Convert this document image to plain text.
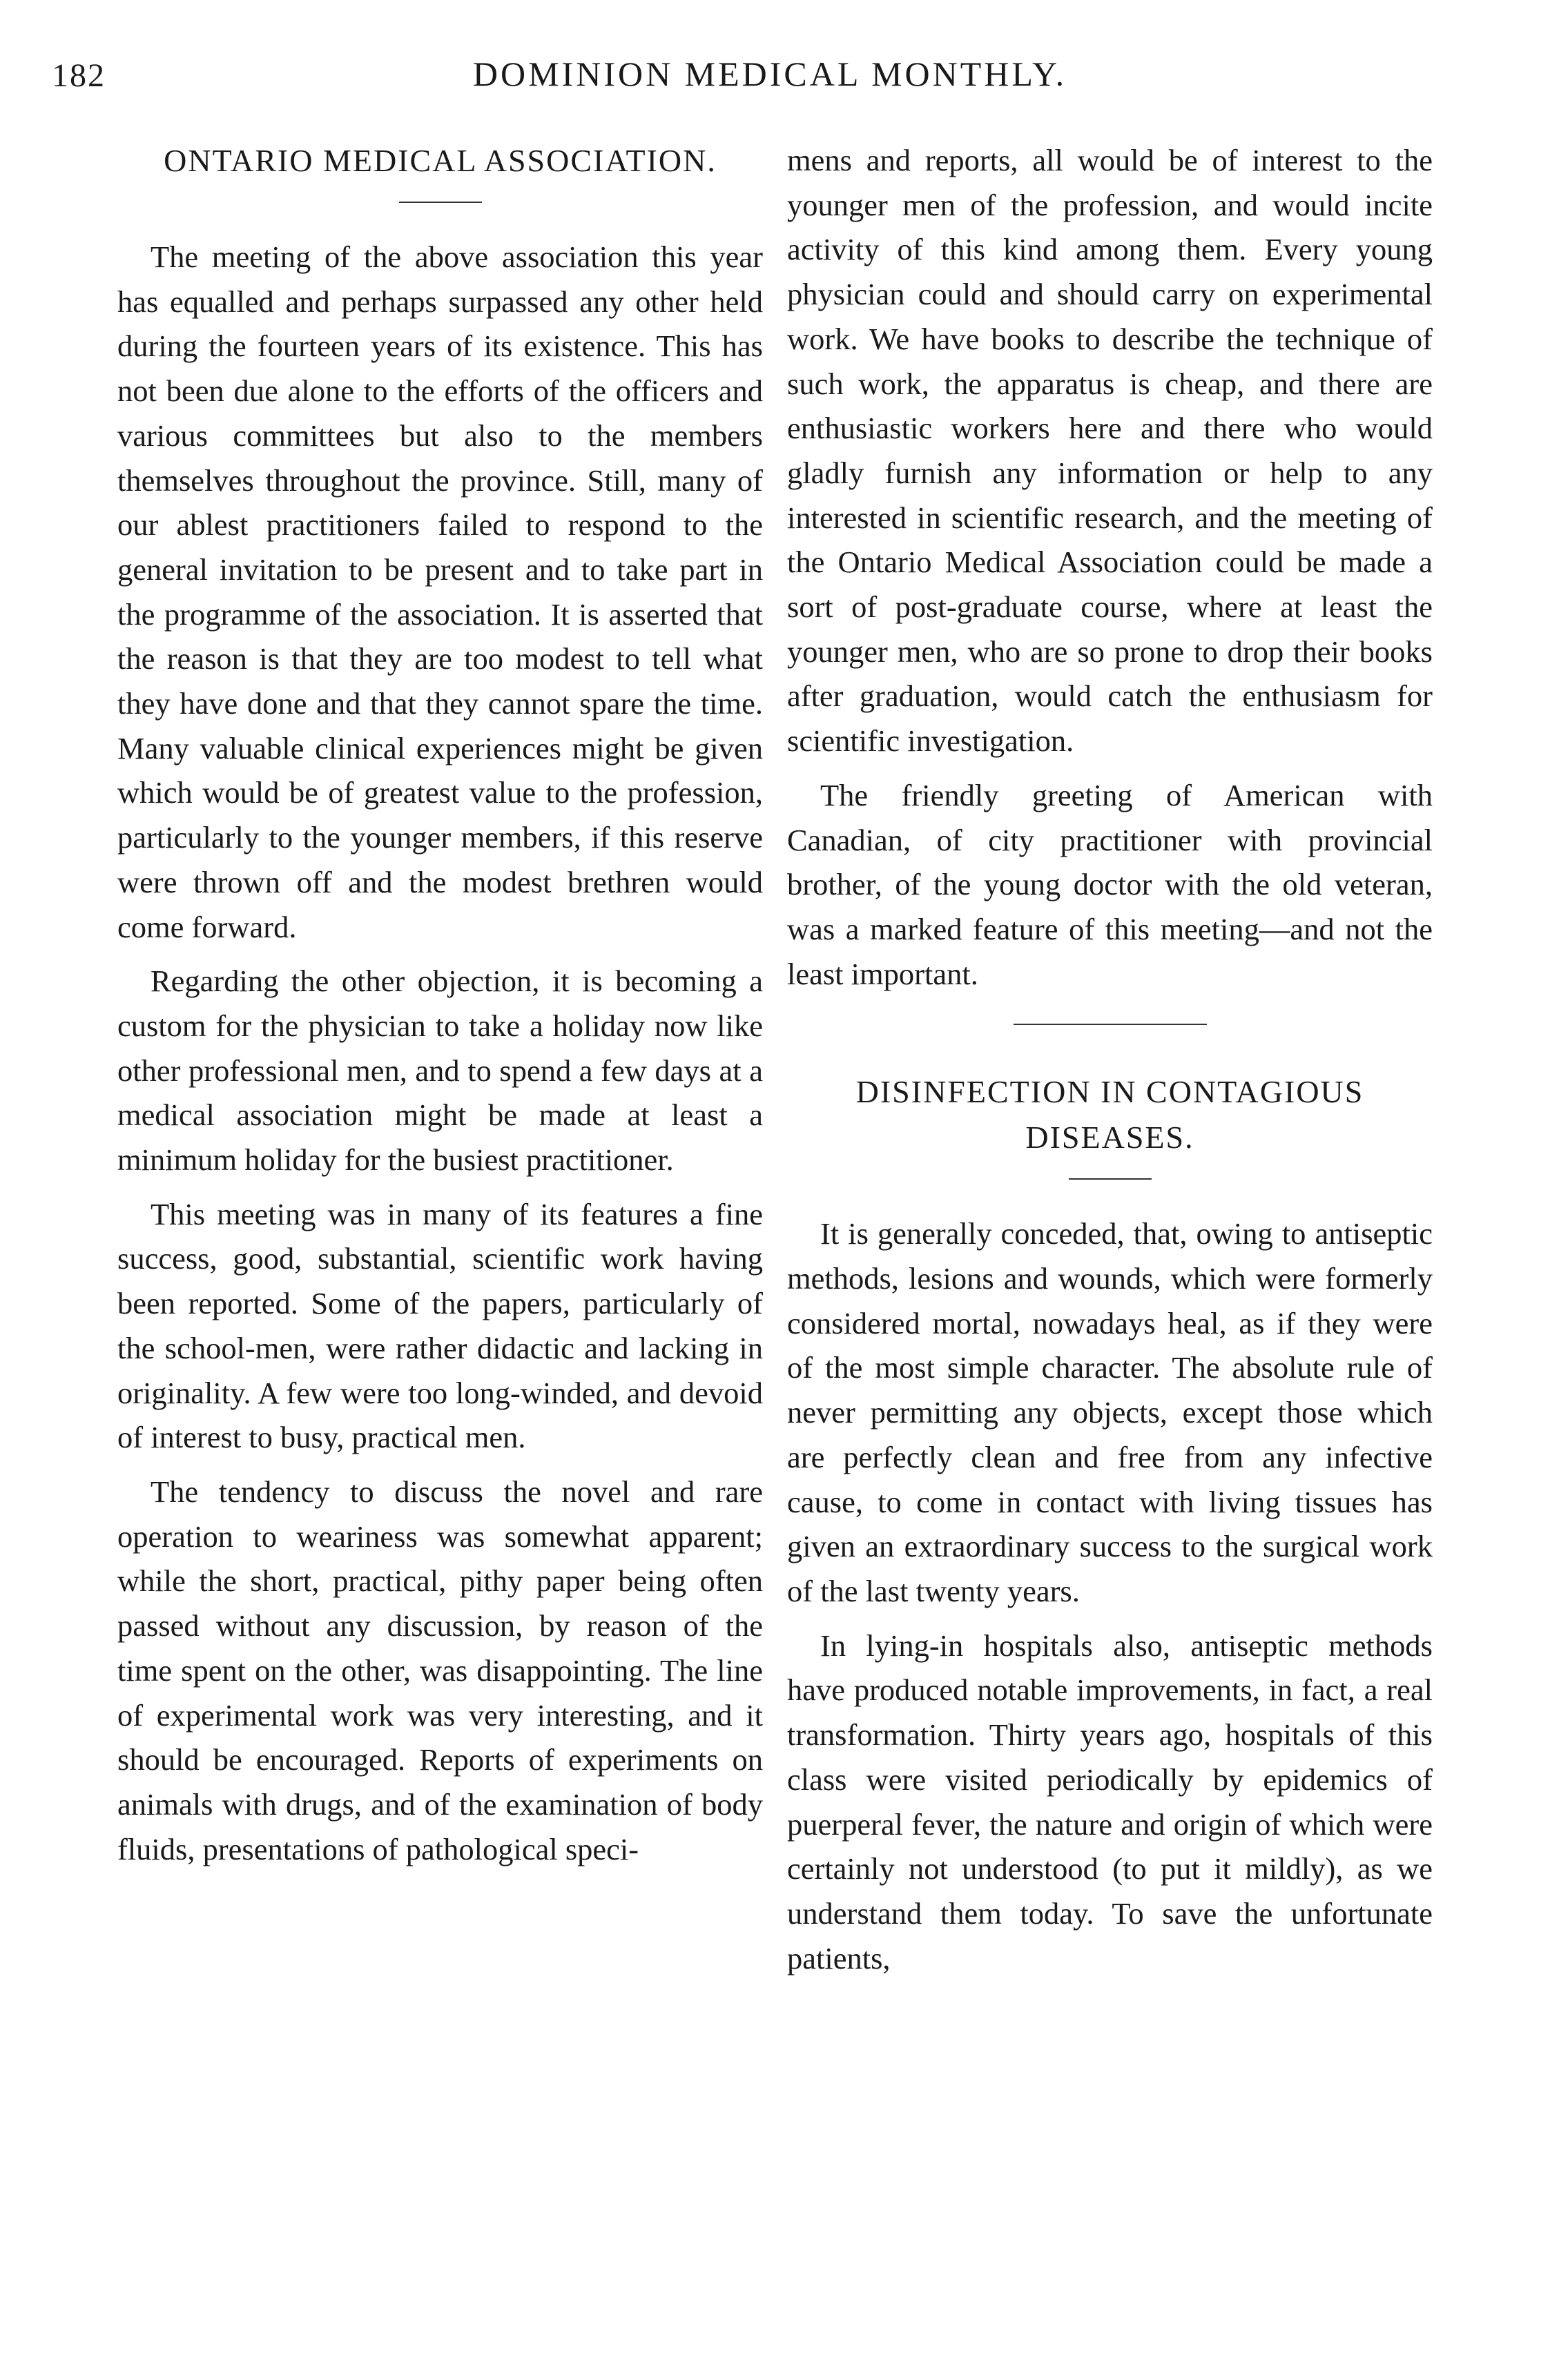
182	DOMINION MEDICAL MONTHLY.
ONTARIO MEDICAL ASSOCIATION.

The meeting of the above association this year has equalled and perhaps surpassed any other held during the fourteen years of its existence. This has not been due alone to the efforts of the officers and various committees but also to the members themselves throughout the province. Still, many of our ablest practitioners failed to respond to the general invitation to be present and to take part in the programme of the association. It is asserted that the reason is that they are too modest to tell what they have done and that they cannot spare the time. Many valuable clinical experiences might be given which would be of greatest value to the profession, particularly to the younger members, if this reserve were thrown off and the modest brethren would come forward.

Regarding the other objection, it is becoming a custom for the physician to take a holiday now like other professional men, and to spend a few days at a medical association might be made at least a minimum holiday for the busiest practitioner.

This meeting was in many of its features a fine success, good, substantial, scientific work having been reported. Some of the papers, particularly of the school-men, were rather didactic and lacking in originality. A few were too long-winded, and devoid of interest to busy, practical men.

The tendency to discuss the novel and rare operation to weariness was somewhat apparent; while the short, practical, pithy paper being often passed without any discussion, by reason of the time spent on the other, was disappointing. The line of experimental work was very interesting, and it should be encouraged. Reports of experiments on animals with drugs, and of the examination of body fluids, presentations of pathological speci-

mens and reports, all would be of interest to the younger men of the profession, and would incite activity of this kind among them. Every young physician could and should carry on experimental work. We have books to describe the technique of such work, the apparatus is cheap, and there are enthusiastic workers here and there who would gladly furnish any information or help to any interested in scientific research, and the meeting of the Ontario Medical Association could be made a sort of post-graduate course, where at least the younger men, who are so prone to drop their books after graduation, would catch the enthusiasm for scientific investigation.

The friendly greeting of American with Canadian, of city practitioner with provincial brother, of the young doctor with the old veteran, was a marked feature of this meeting—and not the least important.

DISINFECTION IN CONTAGIOUS DISEASES.

It is generally conceded, that, owing to antiseptic methods, lesions and wounds, which were formerly considered mortal, nowadays heal, as if they were of the most simple character. The absolute rule of never permitting any objects, except those which are perfectly clean and free from any infective cause, to come in contact with living tissues has given an extraordinary success to the surgical work of the last twenty years.

In lying-in hospitals also, antiseptic methods have produced notable improvements, in fact, a real transformation. Thirty years ago, hospitals of this class were visited periodically by epidemics of puerperal fever, the nature and origin of which were certainly not understood (to put it mildly), as we understand them today. To save the unfortunate patients,
